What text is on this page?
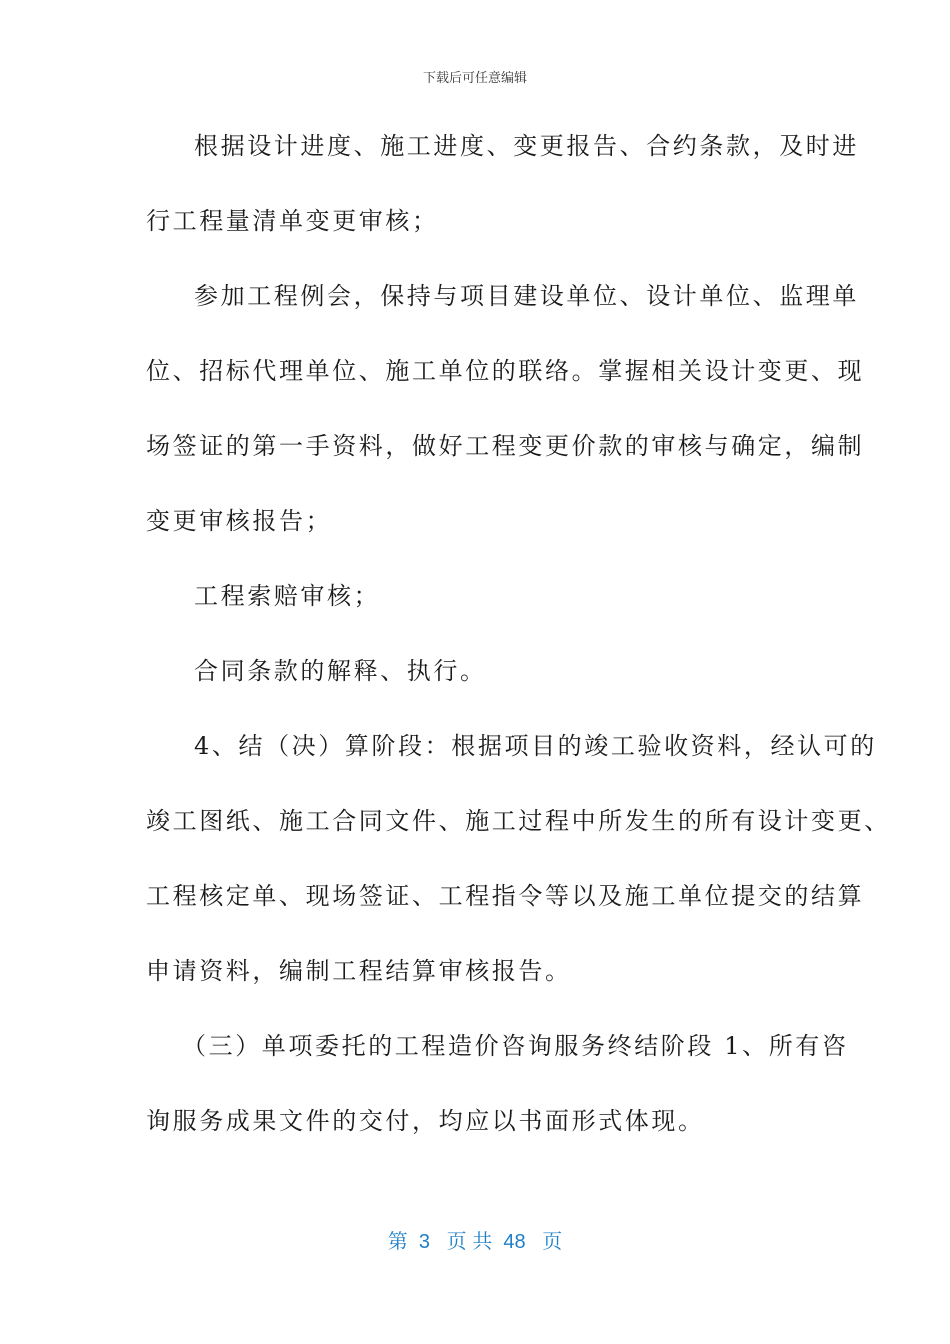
下载后可任意编辑
根据设计进度、施工进度、变更报告、合约条款，及时进
行工程量清单变更审核；
参加工程例会，保持与项目建设单位、设计单位、监理单
位、招标代理单位、施工单位的联络。掌握相关设计变更、现
场签证的第一手资料，做好工程变更价款的审核与确定，编制
变更审核报告；
工程索赔审核；
合同条款的解释、执行。
4、结（决）算阶段：根据项目的竣工验收资料，经认可的
竣工图纸、施工合同文件、施工过程中所发生的所有设计变更、
工程核定单、现场签证、工程指令等以及施工单位提交的结算
申请资料，编制工程结算审核报告。
（三）单项委托的工程造价咨询服务终结阶段 1、所有咨
询服务成果文件的交付，均应以书面形式体现。
第  3   页 共  48   页
